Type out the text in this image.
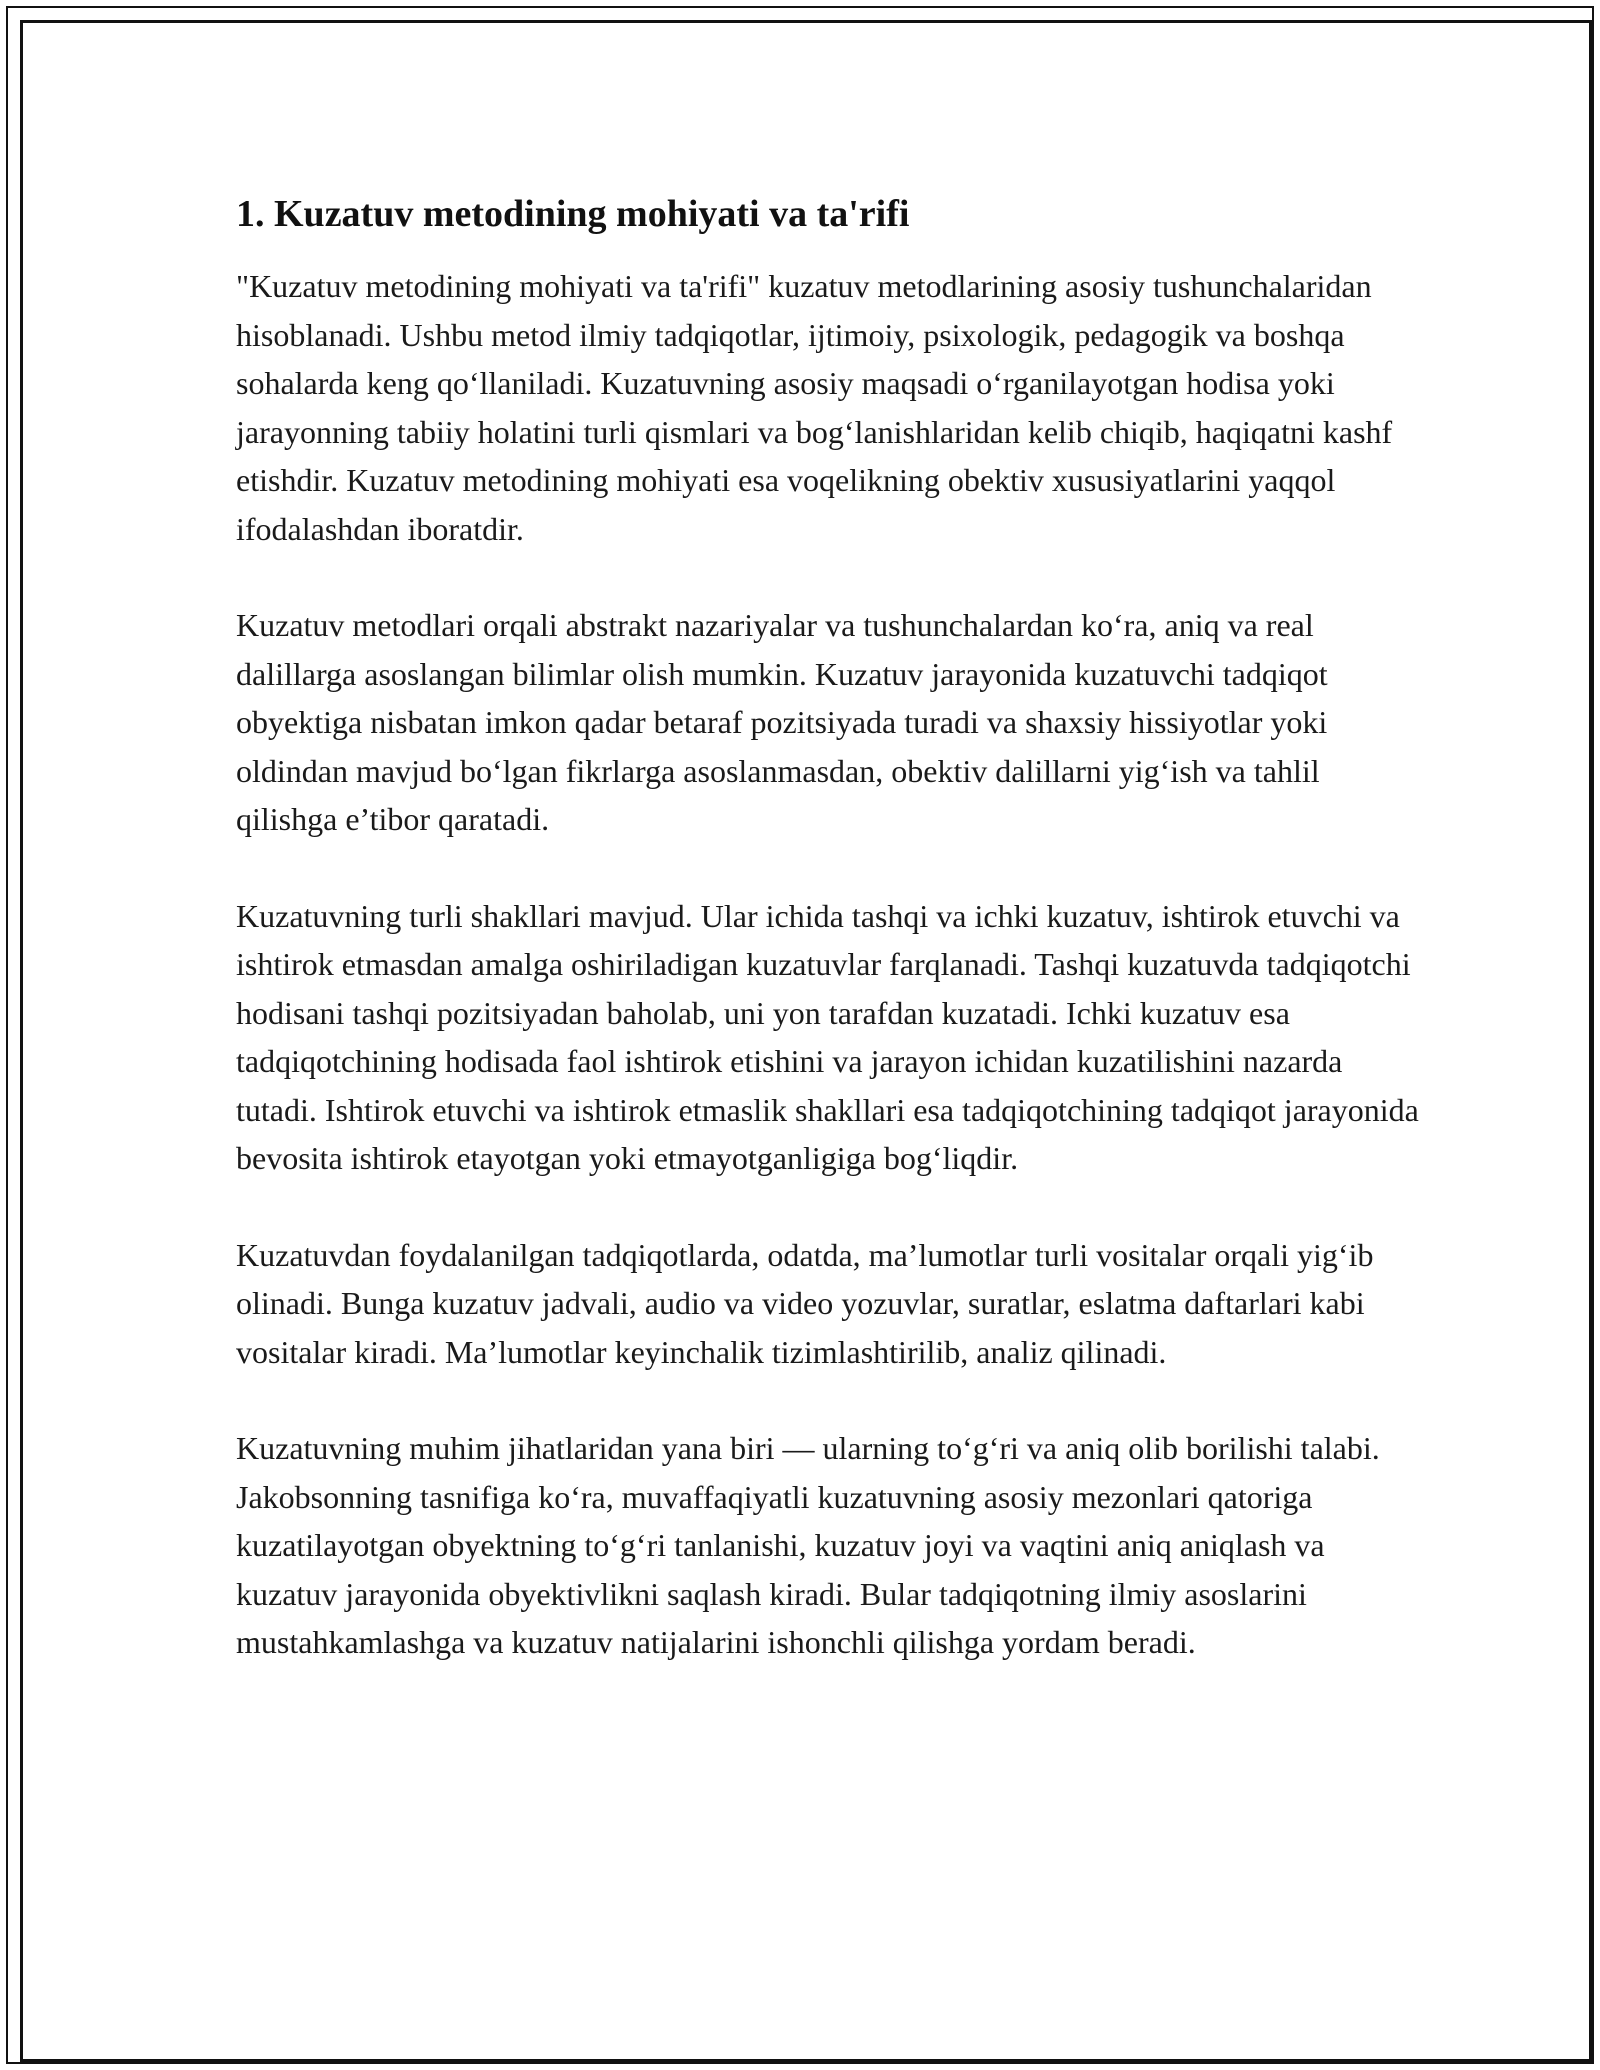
1. Kuzatuv metodining mohiyati va ta'rifi

"Kuzatuv metodining mohiyati va ta'rifi" kuzatuv metodlarining asosiy tushunchalaridan hisoblanadi. Ushbu metod ilmiy tadqiqotlar, ijtimoiy, psixologik, pedagogik va boshqa sohalarda keng qo‘llaniladi. Kuzatuvning asosiy maqsadi o‘rganilayotgan hodisa yoki jarayonning tabiiy holatini turli qismlari va bog‘lanishlaridan kelib chiqib, haqiqatni kashf etishdir. Kuzatuv metodining mohiyati esa voqelikning obektiv xususiyatlarini yaqqol ifodalashdan iboratdir.

Kuzatuv metodlari orqali abstrakt nazariyalar va tushunchalardan ko‘ra, aniq va real dalillarga asoslangan bilimlar olish mumkin. Kuzatuv jarayonida kuzatuvchi tadqiqot obyektiga nisbatan imkon qadar betaraf pozitsiyada turadi va shaxsiy hissiyotlar yoki oldindan mavjud bo‘lgan fikrlarga asoslanmasdan, obektiv dalillarni yig‘ish va tahlil qilishga e’tibor qaratadi.

Kuzatuvning turli shakllari mavjud. Ular ichida tashqi va ichki kuzatuv, ishtirok etuvchi va ishtirok etmasdan amalga oshiriladigan kuzatuvlar farqlanadi. Tashqi kuzatuvda tadqiqotchi hodisani tashqi pozitsiyadan baholab, uni yon tarafdan kuzatadi. Ichki kuzatuv esa tadqiqotchining hodisada faol ishtirok etishini va jarayon ichidan kuzatilishini nazarda tutadi. Ishtirok etuvchi va ishtirok etmaslik shakllari esa tadqiqotchining tadqiqot jarayonida bevosita ishtirok etayotgan yoki etmayotganligiga bog‘liqdir.

Kuzatuvdan foydalanilgan tadqiqotlarda, odatda, ma’lumotlar turli vositalar orqali yig‘ib olinadi. Bunga kuzatuv jadvali, audio va video yozuvlar, suratlar, eslatma daftarlari kabi vositalar kiradi. Ma’lumotlar keyinchalik tizimlashtirilib, analiz qilinadi.

Kuzatuvning muhim jihatlaridan yana biri — ularning to‘g‘ri va aniq olib borilishi talabi. Jakobsonning tasnifiga ko‘ra, muvaffaqiyatli kuzatuvning asosiy mezonlari qatoriga kuzatilayotgan obyektning to‘g‘ri tanlanishi, kuzatuv joyi va vaqtini aniq aniqlash va kuzatuv jarayonida obyektivlikni saqlash kiradi. Bular tadqiqotning ilmiy asoslarini mustahkamlashga va kuzatuv natijalarini ishonchli qilishga yordam beradi.
